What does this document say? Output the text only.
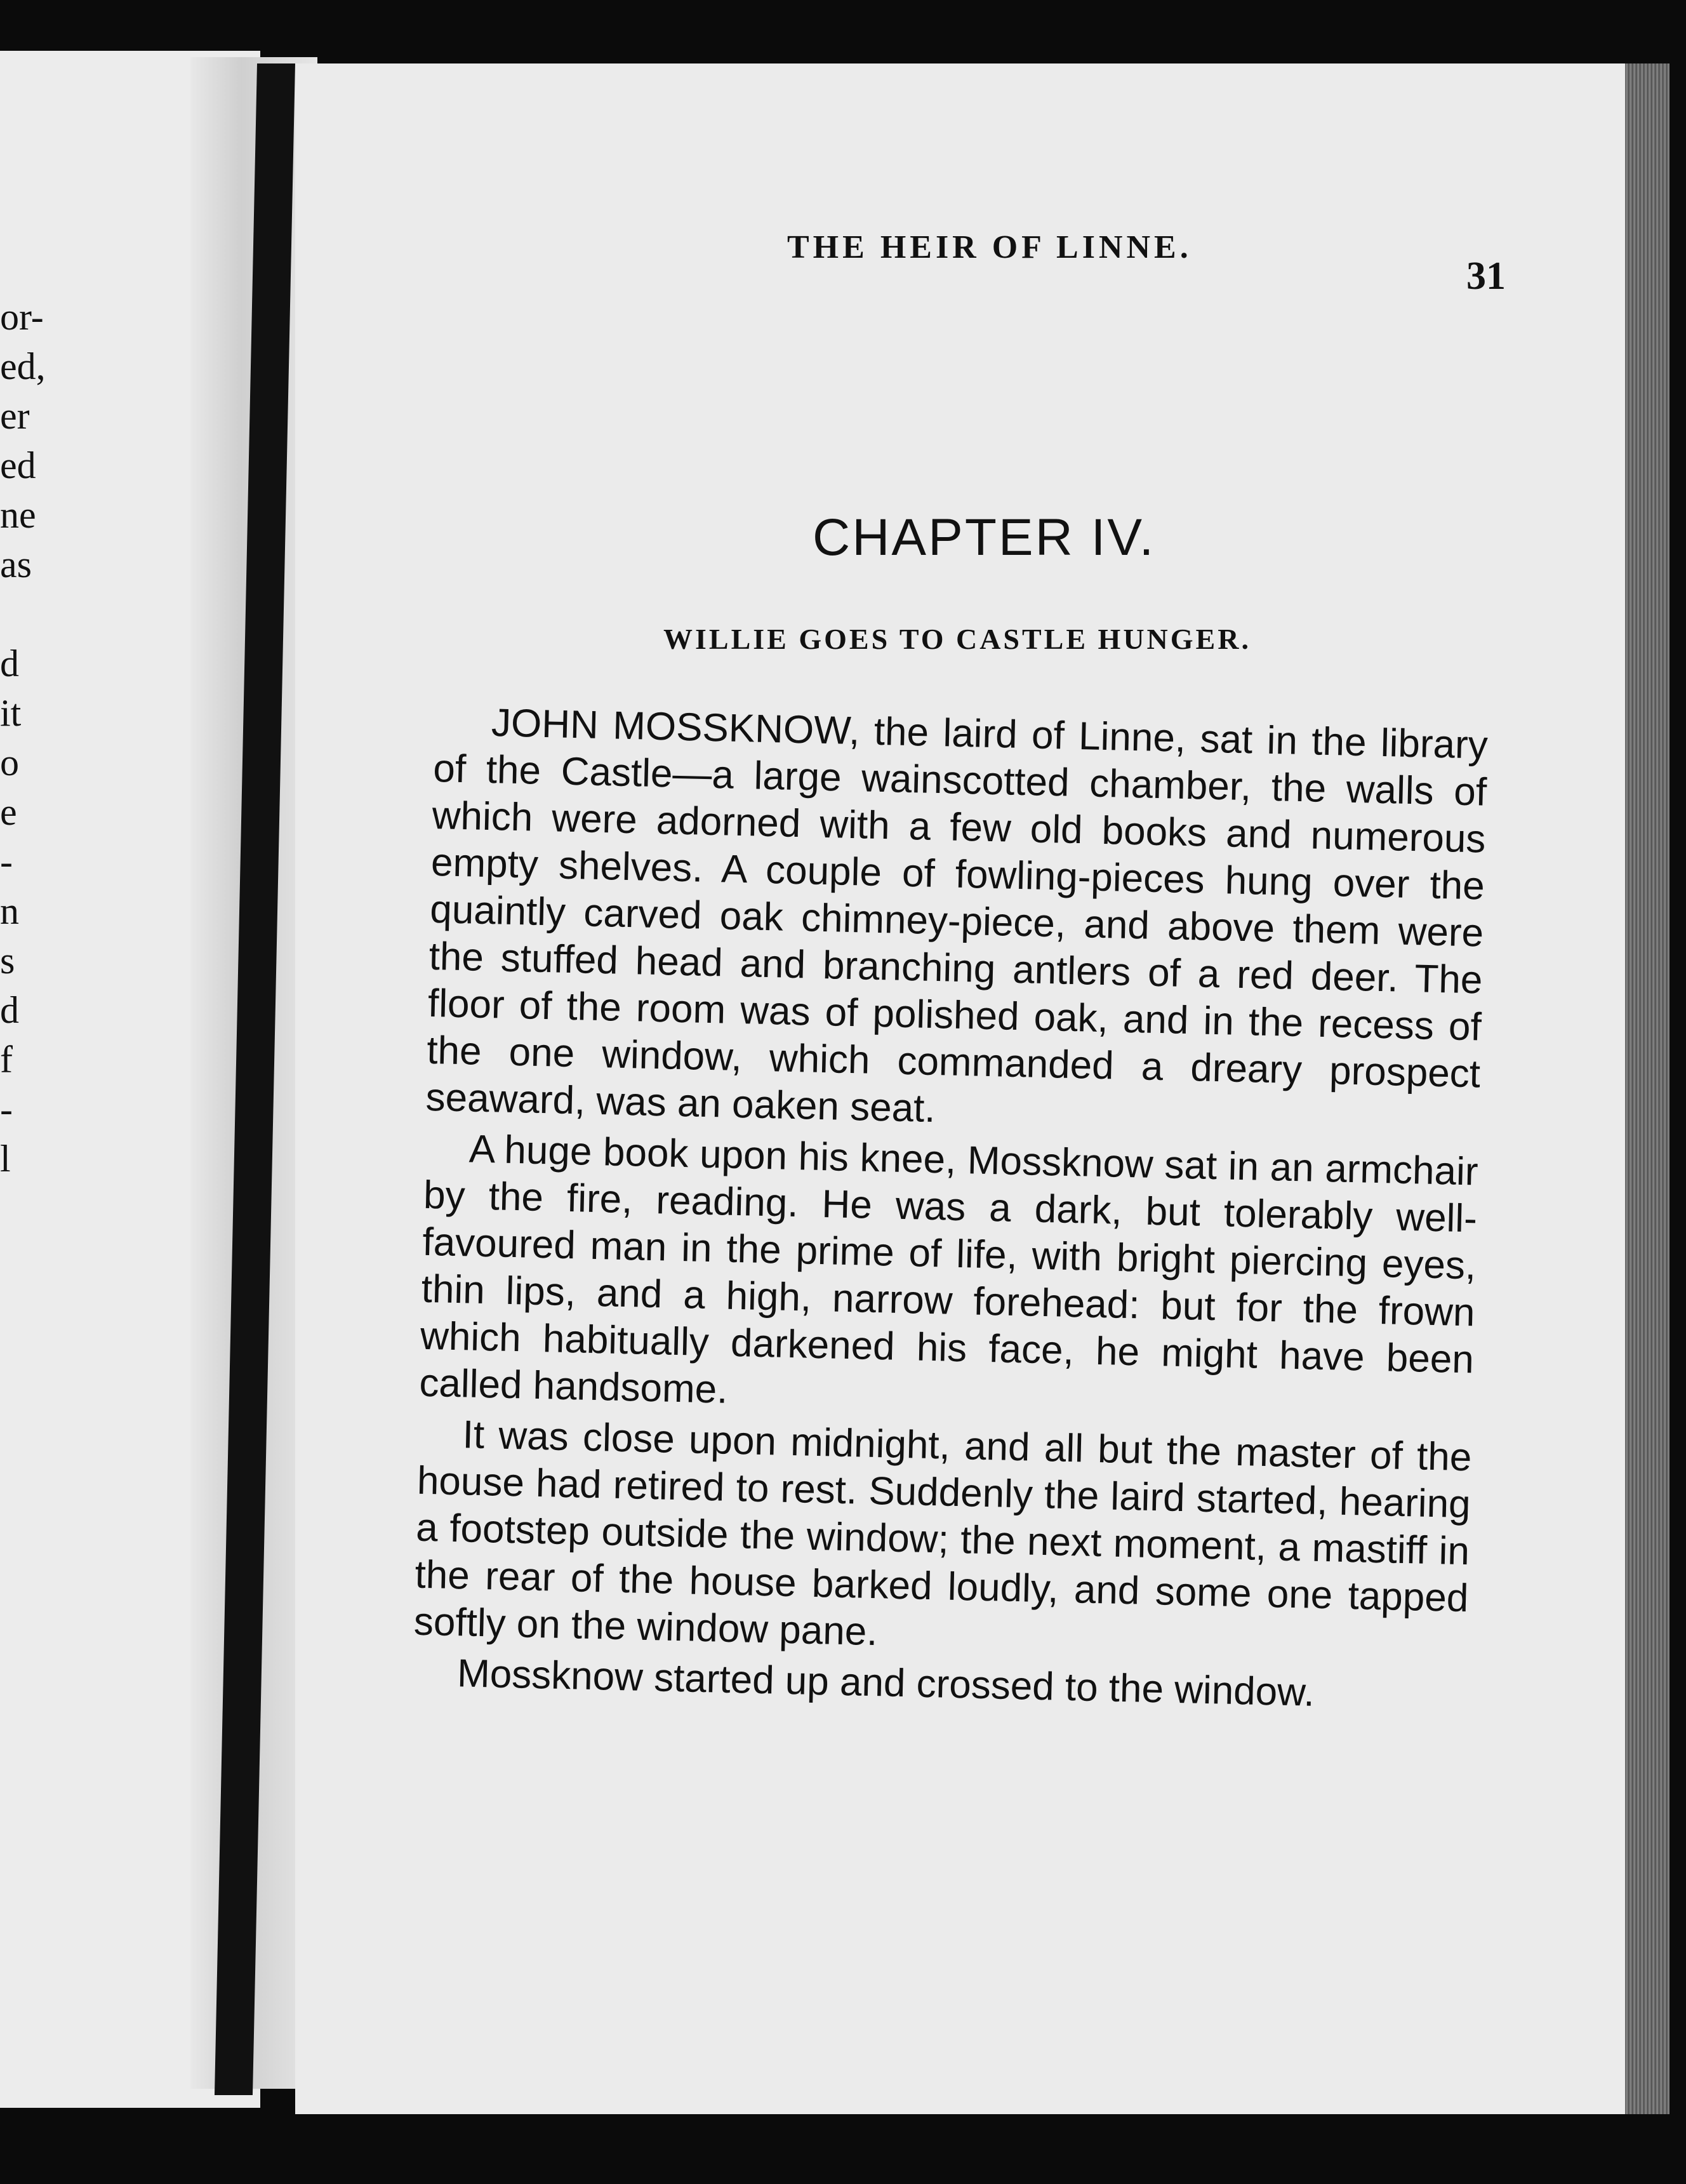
or-
ed,
er
ed
ne
as

d
it
o
e
-
n
s
d
f
-
l
THE HEIR OF LINNE.
31
CHAPTER IV.
WILLIE GOES TO CASTLE HUNGER.

JOHN MOSSKNOW, the laird of Linne, sat in the library of the Castle—a large wainscotted chamber, the walls of which were adorned with a few old books and numerous empty shelves. A couple of fowling-pieces hung over the quaintly carved oak chimney-piece, and above them were the stuffed head and branching antlers of a red deer. The floor of the room was of polished oak, and in the recess of the one window, which commanded a dreary prospect seaward, was an oaken seat.

A huge book upon his knee, Mossknow sat in an armchair by the fire, reading. He was a dark, but tolerably well-favoured man in the prime of life, with bright piercing eyes, thin lips, and a high, narrow forehead: but for the frown which habitually darkened his face, he might have been called handsome.

It was close upon midnight, and all but the master of the house had retired to rest. Suddenly the laird started, hearing a footstep outside the window; the next moment, a mastiff in the rear of the house barked loudly, and some one tapped softly on the window pane.

Mossknow started up and crossed to the window.
